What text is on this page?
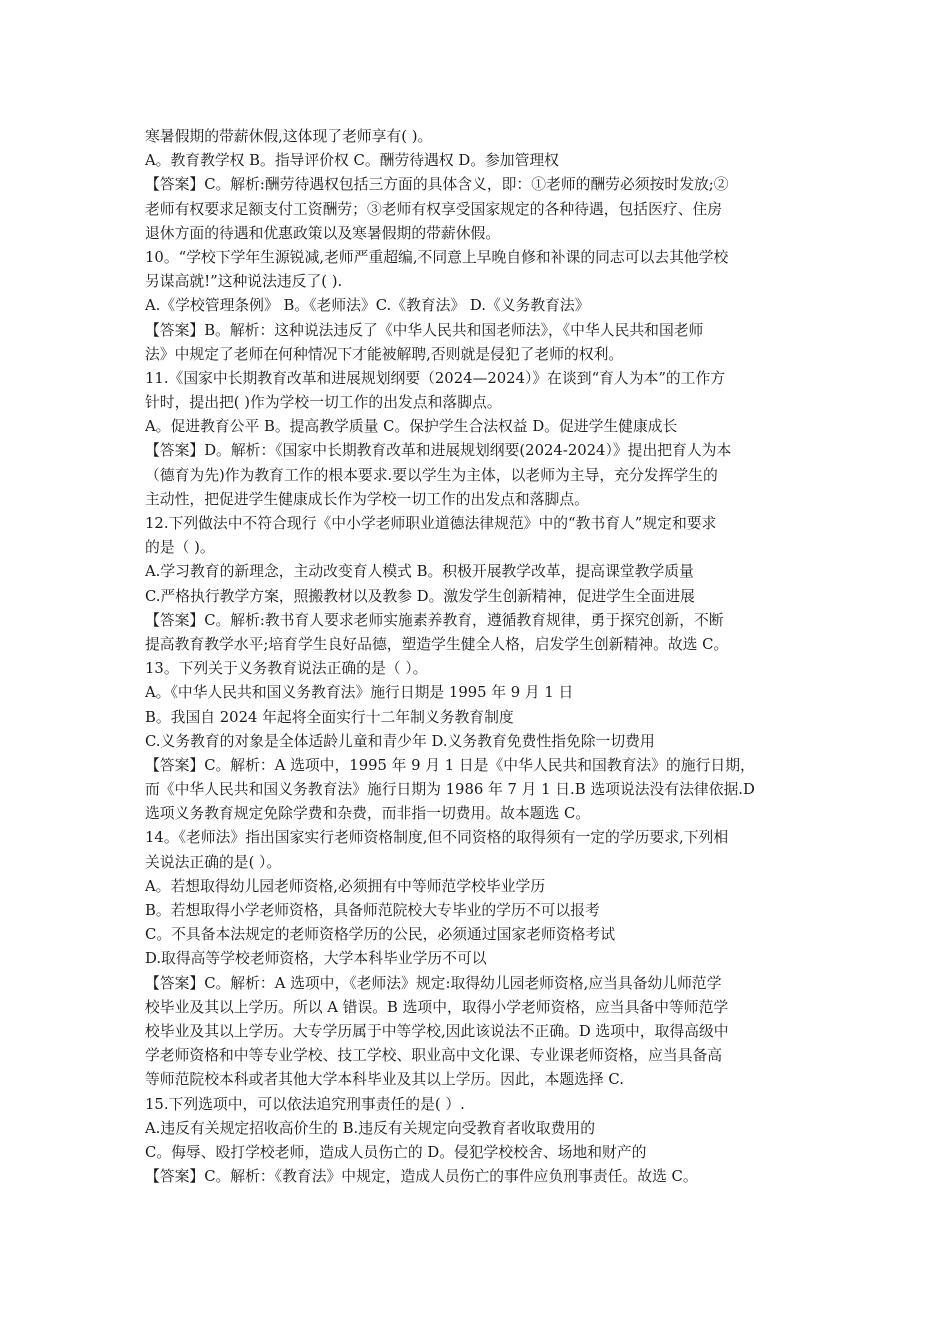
寒暑假期的带薪休假,这体现了老师享有( )。
A。教育教学权 B。指导评价权 C。酬劳待遇权 D。参加管理权
【答案】C。解析:酬劳待遇权包括三方面的具体含义，即：①老师的酬劳必须按时发放;②
老师有权要求足额支付工资酬劳；③老师有权享受国家规定的各种待遇，包括医疗、住房
退休方面的待遇和优惠政策以及寒暑假期的带薪休假。
10。“学校下学年生源锐减,老师严重超编,不同意上早晚自修和补课的同志可以去其他学校
另谋高就!”这种说法违反了( ).
A.《学校管理条例》 B。《老师法》C.《教育法》 D.《义务教育法》
【答案】B。解析：这种说法违反了《中华人民共和国老师法》，《中华人民共和国老师
法》中规定了老师在何种情况下才能被解聘,否则就是侵犯了老师的权利。
11.《国家中长期教育改革和进展规划纲要（2024—2024）》在谈到“育人为本”的工作方
针时，提出把( )作为学校一切工作的出发点和落脚点。
A。促进教育公平 B。提高教学质量 C。保护学生合法权益 D。促进学生健康成长
【答案】D。解析：《国家中长期教育改革和进展规划纲要(2024-2024）》提出把育人为本
（德育为先)作为教育工作的根本要求.要以学生为主体，以老师为主导，充分发挥学生的
主动性，把促进学生健康成长作为学校一切工作的出发点和落脚点。
12.下列做法中不符合现行《中小学老师职业道德法律规范》中的“教书育人”规定和要求
的是（ )。
A.学习教育的新理念，主动改变育人模式 B。积极开展教学改革，提高课堂教学质量
C.严格执行教学方案，照搬教材以及教参 D。激发学生创新精神，促进学生全面进展
【答案】C。解析:教书育人要求老师实施素养教育，遵循教育规律，勇于探究创新，不断
提高教育教学水平;培育学生良好品德，塑造学生健全人格，启发学生创新精神。故选 C。
13。下列关于义务教育说法正确的是（ ）。
A。《中华人民共和国义务教育法》施行日期是 1995 年 9 月 1 日
B。我国自 2024 年起将全面实行十二年制义务教育制度
C.义务教育的对象是全体适龄儿童和青少年 D.义务教育免费性指免除一切费用
【答案】C。解析：A 选项中，1995 年 9 月 1 日是《中华人民共和国教育法》的施行日期，
而《中华人民共和国义务教育法》施行日期为 1986 年 7 月 1 日.B 选项说法没有法律依据.D
选项义务教育规定免除学费和杂费，而非指一切费用。故本题选 C。
14。《老师法》指出国家实行老师资格制度,但不同资格的取得须有一定的学历要求,下列相
关说法正确的是( ）。
A。若想取得幼儿园老师资格,必须拥有中等师范学校毕业学历
B。若想取得小学老师资格，具备师范院校大专毕业的学历不可以报考
C。不具备本法规定的老师资格学历的公民，必须通过国家老师资格考试
D.取得高等学校老师资格，大学本科毕业学历不可以
【答案】C。解析：A 选项中，《老师法》规定:取得幼儿园老师资格,应当具备幼儿师范学
校毕业及其以上学历。所以 A 错误。B 选项中，取得小学老师资格，应当具备中等师范学
校毕业及其以上学历。大专学历属于中等学校,因此该说法不正确。D 选项中，取得高级中
学老师资格和中等专业学校、技工学校、职业高中文化课、专业课老师资格，应当具备高
等师范院校本科或者其他大学本科毕业及其以上学历。因此，本题选择 C.
15.下列选项中，可以依法追究刑事责任的是( ）.
A.违反有关规定招收高价生的 B.违反有关规定向受教育者收取费用的
C。侮辱、殴打学校老师，造成人员伤亡的 D。侵犯学校校舍、场地和财产的
【答案】C。解析：《教育法》中规定，造成人员伤亡的事件应负刑事责任。故选 C。
